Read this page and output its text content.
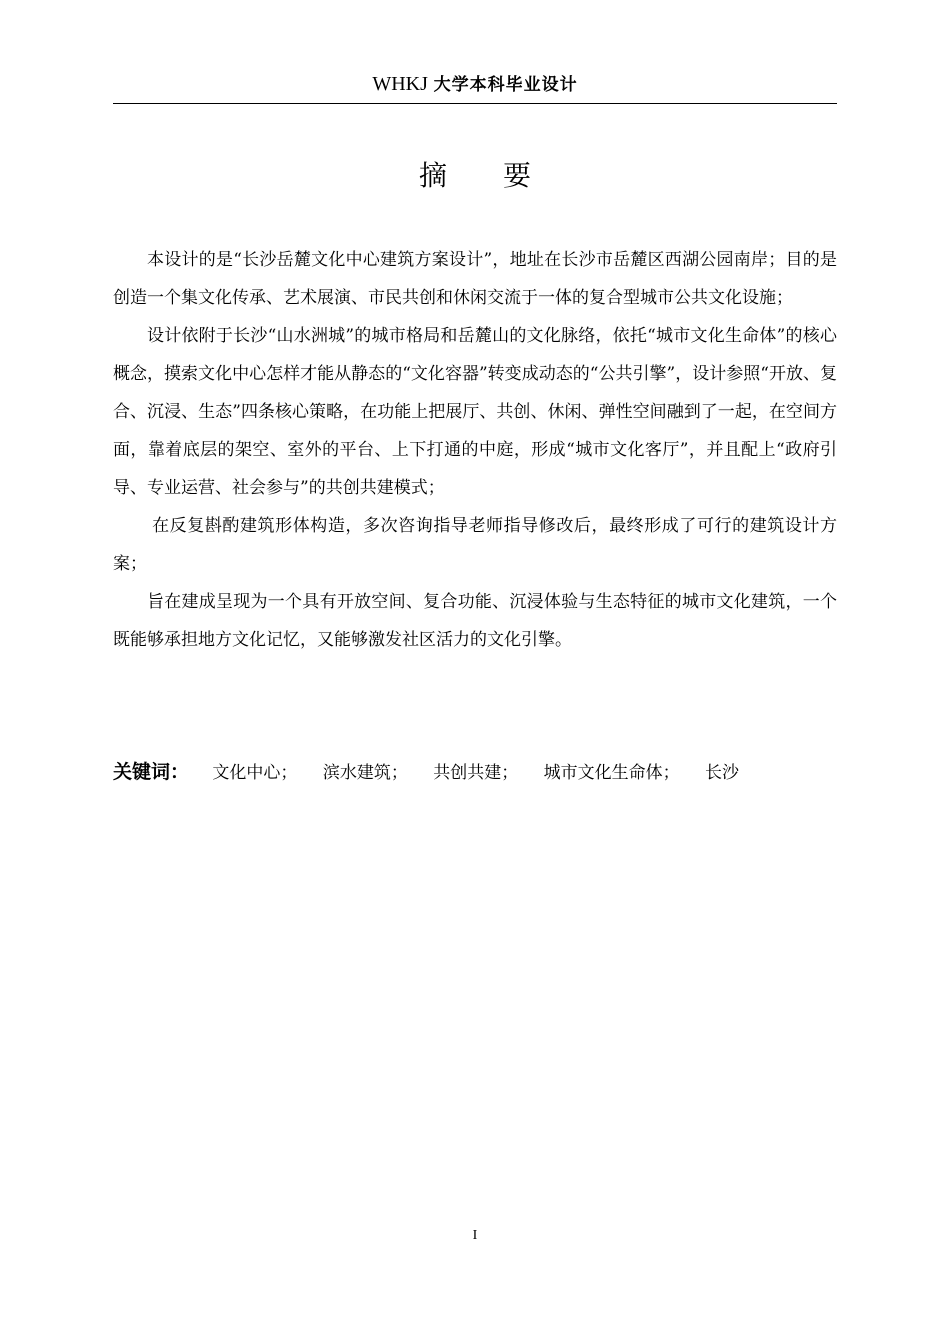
WHKJ 大学本科毕业设计
摘要

本设计的是“长沙岳麓文化中心建筑方案设计”，地址在长沙市岳麓区西湖公园南岸；目的是创造一个集文化传承、艺术展演、市民共创和休闲交流于一体的复合型城市公共文化设施；

设计依附于长沙“山水洲城”的城市格局和岳麓山的文化脉络，依托“城市文化生命体”的核心概念，摸索文化中心怎样才能从静态的“文化容器”转变成动态的“公共引擎”，设计参照“开放、复合、沉浸、生态”四条核心策略，在功能上把展厅、共创、休闲、弹性空间融到了一起，在空间方面，靠着底层的架空、室外的平台、上下打通的中庭，形成“城市文化客厅”，并且配上“政府引导、专业运营、社会参与”的共创共建模式；

在反复斟酌建筑形体构造，多次咨询指导老师指导修改后，最终形成了可行的建筑设计方案；

旨在建成呈现为一个具有开放空间、复合功能、沉浸体验与生态特征的城市文化建筑，一个既能够承担地方文化记忆，又能够激发社区活力的文化引擎。

关键词： 文化中心； 滨水建筑； 共创共建； 城市文化生命体； 长沙
I
